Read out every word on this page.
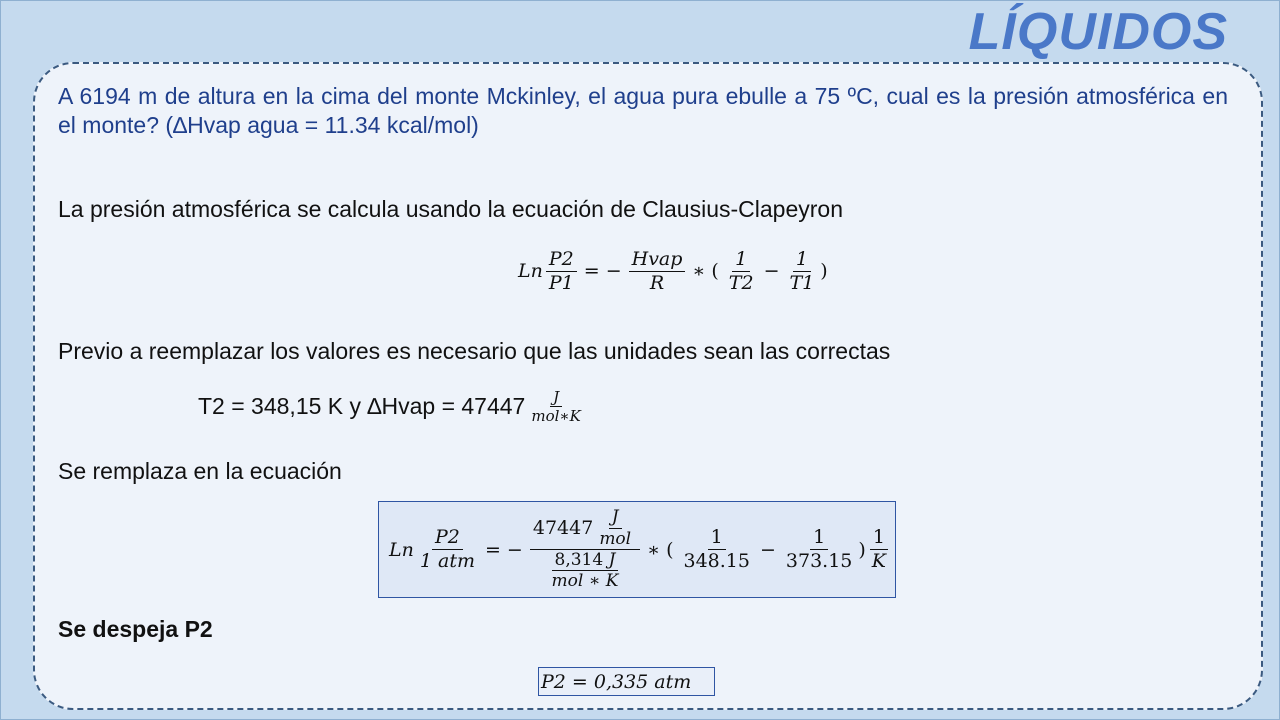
LÍQUIDOS
A 6194 m de altura en la cima del monte Mckinley, el agua pura ebulle a 75 ºC, cual es la presión atmosférica en el monte? (∆Hvap agua = 11.34 kcal/mol)
La presión atmosférica se calcula usando la ecuación de Clausius-Clapeyron
Ln $\frac{P2}{P1}$ = − $\frac{\text{Hvap}}{R}$ ∗ ( $\frac{1}{T2} - \frac{1}{T1}$ )
Previo a reemplazar los valores es necesario que las unidades sean las correctas
T2 = 348,15 K y ∆Hvap = $47447 \frac{J}{\text{mol∗K}}$
Se remplaza en la ecuación
Ln $\frac{P2}{\text{1 atm}}$ = − $\frac{47447 \frac{J}{\text{mol}}}{\frac{8,314 J}{\text{mol ∗ K}}}$ ∗ ( $\frac{1}{348.15} - \frac{1}{373.15}$ ) $\frac{1}{K}$
Se despeja P2
P2 = 0,335 atm
